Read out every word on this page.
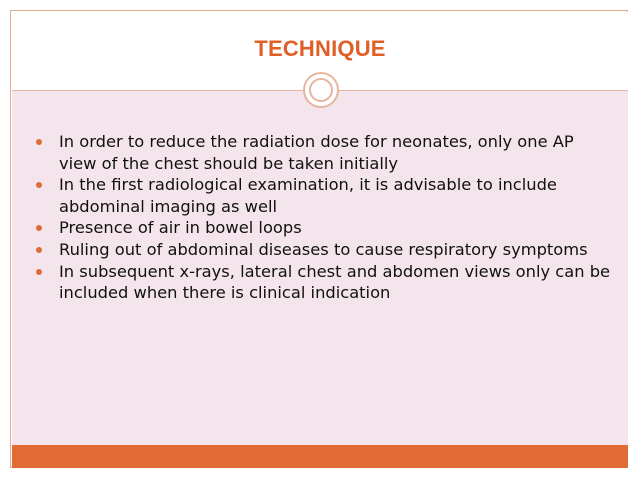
TECHNIQUE
In order to reduce the radiation dose for neonates, only one AP view of the chest should be taken initially
In the first radiological examination, it is advisable to include abdominal imaging as well
Presence of air in bowel loops
Ruling out of abdominal diseases to cause respiratory symptoms
In subsequent x-rays, lateral chest and abdomen views only can be included when there is clinical indication
